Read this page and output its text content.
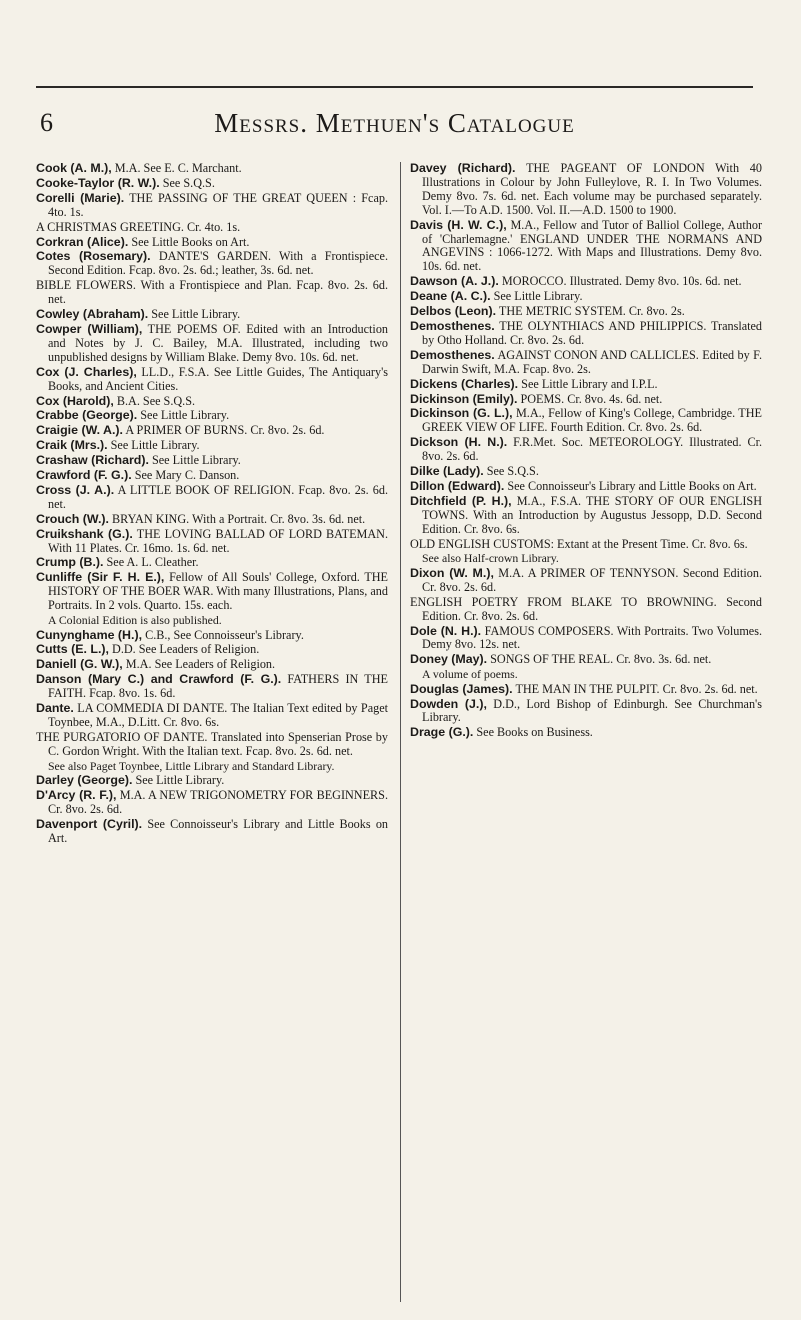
6	Messrs. Methuen's Catalogue

Cook (A. M.), M.A. See E. C. Marchant.

Cooke-Taylor (R. W.). See S.Q.S.

Corelli (Marie). THE PASSING OF THE GREAT QUEEN : Fcap. 4to. 1s.

A CHRISTMAS GREETING. Cr. 4to. 1s.

Corkran (Alice). See Little Books on Art.

Cotes (Rosemary). DANTE'S GARDEN. With a Frontispiece. Second Edition. Fcap. 8vo. 2s. 6d.; leather, 3s. 6d. net.

BIBLE FLOWERS. With a Frontispiece and Plan. Fcap. 8vo. 2s. 6d. net.

Cowley (Abraham). See Little Library.

Cowper (William), THE POEMS OF. Edited with an Introduction and Notes by J. C. Bailey, M.A. Illustrated, including two unpublished designs by William Blake. Demy 8vo. 10s. 6d. net.

Cox (J. Charles), LL.D., F.S.A. See Little Guides, The Antiquary's Books, and Ancient Cities.

Cox (Harold), B.A. See S.Q.S.

Crabbe (George). See Little Library.

Craigie (W. A.). A PRIMER OF BURNS. Cr. 8vo. 2s. 6d.

Craik (Mrs.). See Little Library.

Crashaw (Richard). See Little Library.

Crawford (F. G.). See Mary C. Danson.

Cross (J. A.). A LITTLE BOOK OF RELIGION. Fcap. 8vo. 2s. 6d. net.

Crouch (W.). BRYAN KING. With a Portrait. Cr. 8vo. 3s. 6d. net.

Cruikshank (G.). THE LOVING BALLAD OF LORD BATEMAN. With 11 Plates. Cr. 16mo. 1s. 6d. net.

Crump (B.). See A. L. Cleather.

Cunliffe (Sir F. H. E.), Fellow of All Souls' College, Oxford. THE HISTORY OF THE BOER WAR. With many Illustrations, Plans, and Portraits. In 2 vols. Quarto. 15s. each.

A Colonial Edition is also published.

Cunynghame (H.), C.B., See Connoisseur's Library.

Cutts (E. L.), D.D. See Leaders of Religion.

Daniell (G. W.), M.A. See Leaders of Religion.

Danson (Mary C.) and Crawford (F. G.). FATHERS IN THE FAITH. Fcap. 8vo. 1s. 6d.

Dante. LA COMMEDIA DI DANTE. The Italian Text edited by Paget Toynbee, M.A., D.Litt. Cr. 8vo. 6s.

THE PURGATORIO OF DANTE. Translated into Spenserian Prose by C. Gordon Wright. With the Italian text. Fcap. 8vo. 2s. 6d. net.

See also Paget Toynbee, Little Library and Standard Library.

Darley (George). See Little Library.

D'Arcy (R. F.), M.A. A NEW TRIGONOMETRY FOR BEGINNERS. Cr. 8vo. 2s. 6d.

Davenport (Cyril). See Connoisseur's Library and Little Books on Art.

Davey (Richard). THE PAGEANT OF LONDON With 40 Illustrations in Colour by John Fulleylove, R. I. In Two Volumes. Demy 8vo. 7s. 6d. net. Each volume may be purchased separately. Vol. I.—To A.D. 1500. Vol. II.—A.D. 1500 to 1900.

Davis (H. W. C.), M.A., Fellow and Tutor of Balliol College, Author of 'Charlemagne.' ENGLAND UNDER THE NORMANS AND ANGEVINS : 1066-1272. With Maps and Illustrations. Demy 8vo. 10s. 6d. net.

Dawson (A. J.). MOROCCO. Illustrated. Demy 8vo. 10s. 6d. net.

Deane (A. C.). See Little Library.

Delbos (Leon). THE METRIC SYSTEM. Cr. 8vo. 2s.

Demosthenes. THE OLYNTHIACS AND PHILIPPICS. Translated by Otho Holland. Cr. 8vo. 2s. 6d.

Demosthenes. AGAINST CONON AND CALLICLES. Edited by F. Darwin Swift, M.A. Fcap. 8vo. 2s.

Dickens (Charles). See Little Library and I.P.L.

Dickinson (Emily). POEMS. Cr. 8vo. 4s. 6d. net.

Dickinson (G. L.), M.A., Fellow of King's College, Cambridge. THE GREEK VIEW OF LIFE. Fourth Edition. Cr. 8vo. 2s. 6d.

Dickson (H. N.). F.R.Met. Soc. METEOROLOGY. Illustrated. Cr. 8vo. 2s. 6d.

Dilke (Lady). See S.Q.S.

Dillon (Edward). See Connoisseur's Library and Little Books on Art.

Ditchfield (P. H.), M.A., F.S.A. THE STORY OF OUR ENGLISH TOWNS. With an Introduction by Augustus Jessopp, D.D. Second Edition. Cr. 8vo. 6s.

OLD ENGLISH CUSTOMS: Extant at the Present Time. Cr. 8vo. 6s.

See also Half-crown Library.

Dixon (W. M.), M.A. A PRIMER OF TENNYSON. Second Edition. Cr. 8vo. 2s. 6d.

ENGLISH POETRY FROM BLAKE TO BROWNING. Second Edition. Cr. 8vo. 2s. 6d.

Dole (N. H.). FAMOUS COMPOSERS. With Portraits. Two Volumes. Demy 8vo. 12s. net.

Doney (May). SONGS OF THE REAL. Cr. 8vo. 3s. 6d. net.

A volume of poems.

Douglas (James). THE MAN IN THE PULPIT. Cr. 8vo. 2s. 6d. net.

Dowden (J.), D.D., Lord Bishop of Edinburgh. See Churchman's Library.

Drage (G.). See Books on Business.
